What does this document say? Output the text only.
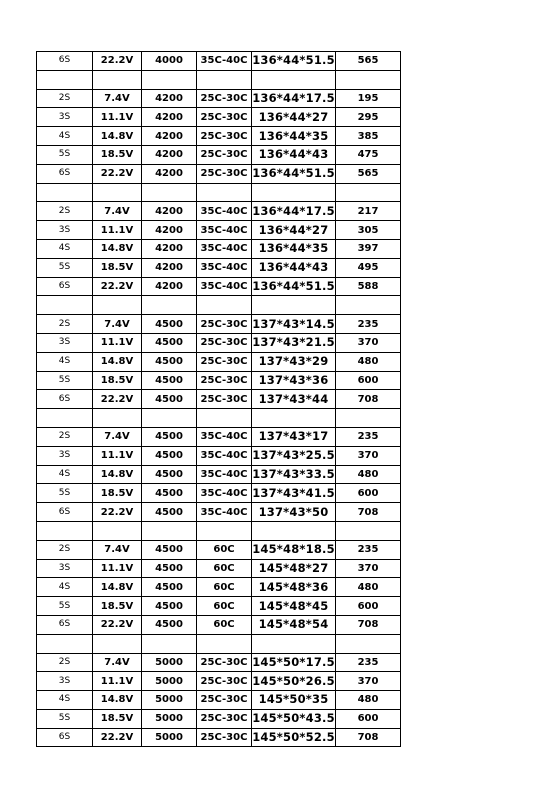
6S	22.2V	4000	35C-40C	136*44*51.5	565

2S	7.4V	4200	25C-30C	136*44*17.5	195
3S	11.1V	4200	25C-30C	136*44*27	295
4S	14.8V	4200	25C-30C	136*44*35	385
5S	18.5V	4200	25C-30C	136*44*43	475
6S	22.2V	4200	25C-30C	136*44*51.5	565

2S	7.4V	4200	35C-40C	136*44*17.5	217
3S	11.1V	4200	35C-40C	136*44*27	305
4S	14.8V	4200	35C-40C	136*44*35	397
5S	18.5V	4200	35C-40C	136*44*43	495
6S	22.2V	4200	35C-40C	136*44*51.5	588

2S	7.4V	4500	25C-30C	137*43*14.5	235
3S	11.1V	4500	25C-30C	137*43*21.5	370
4S	14.8V	4500	25C-30C	137*43*29	480
5S	18.5V	4500	25C-30C	137*43*36	600
6S	22.2V	4500	25C-30C	137*43*44	708

2S	7.4V	4500	35C-40C	137*43*17	235
3S	11.1V	4500	35C-40C	137*43*25.5	370
4S	14.8V	4500	35C-40C	137*43*33.5	480
5S	18.5V	4500	35C-40C	137*43*41.5	600
6S	22.2V	4500	35C-40C	137*43*50	708

2S	7.4V	4500	60C	145*48*18.5	235
3S	11.1V	4500	60C	145*48*27	370
4S	14.8V	4500	60C	145*48*36	480
5S	18.5V	4500	60C	145*48*45	600
6S	22.2V	4500	60C	145*48*54	708

2S	7.4V	5000	25C-30C	145*50*17.5	235
3S	11.1V	5000	25C-30C	145*50*26.5	370
4S	14.8V	5000	25C-30C	145*50*35	480
5S	18.5V	5000	25C-30C	145*50*43.5	600
6S	22.2V	5000	25C-30C	145*50*52.5	708
